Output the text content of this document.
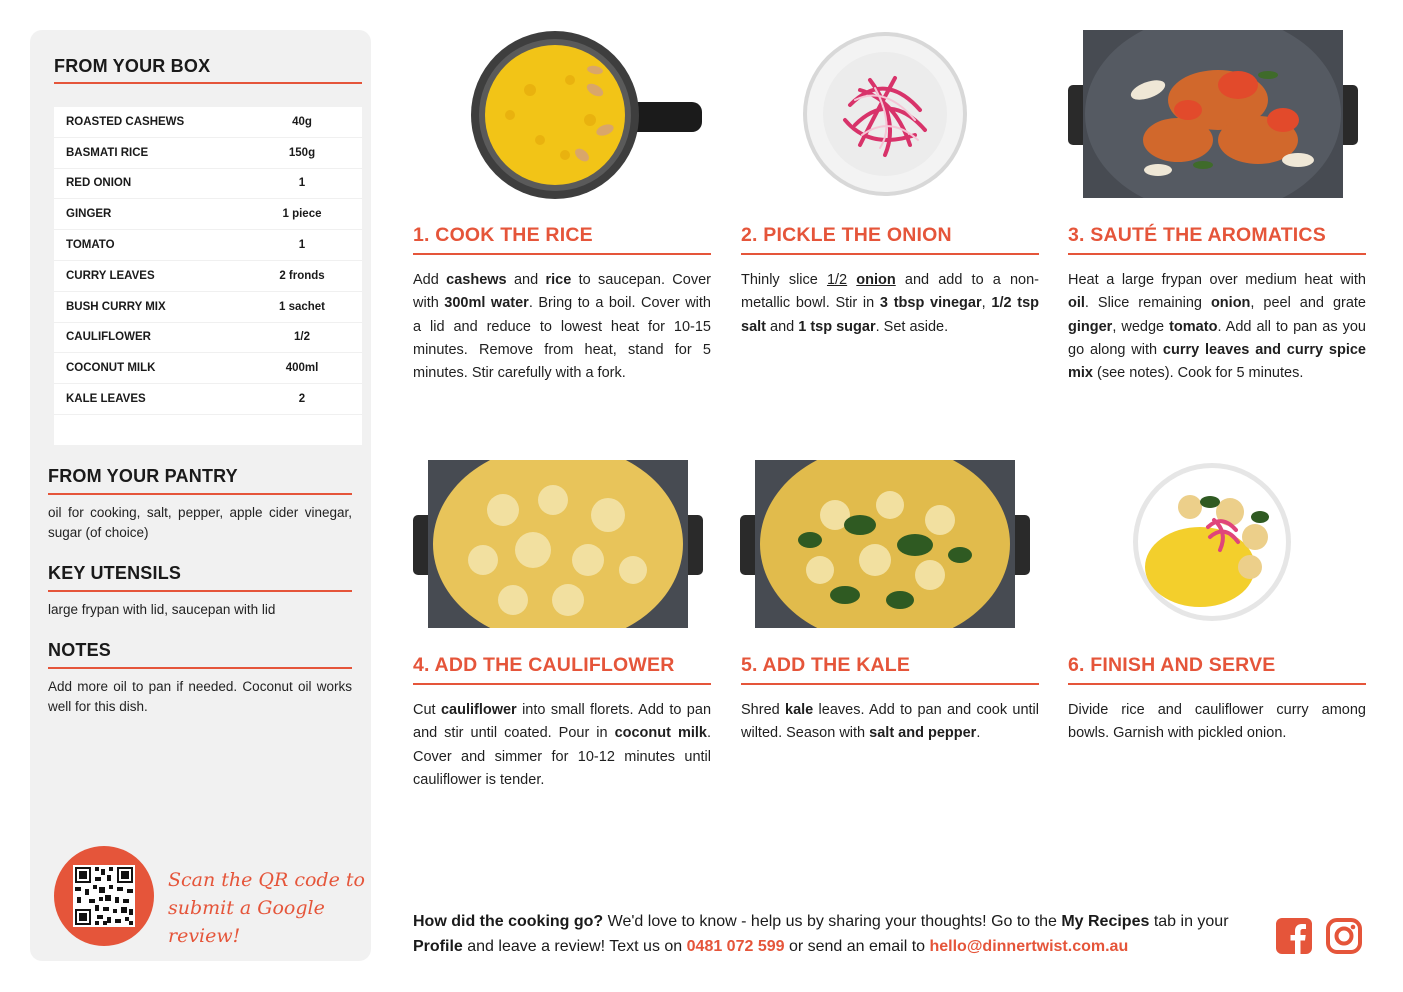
FROM YOUR BOX
ROASTED CASHEWS	40g
BASMATI RICE	150g
RED ONION	1
GINGER	1 piece
TOMATO	1
CURRY LEAVES	2 fronds
BUSH CURRY MIX	1 sachet
CAULIFLOWER	1/2
COCONUT MILK	400ml
KALE LEAVES	2
FROM YOUR PANTRY
oil for cooking, salt, pepper, apple cider vinegar, sugar (of choice)
KEY UTENSILS
large frypan with lid, saucepan with lid
NOTES
Add more oil to pan if needed. Coconut oil works well for this dish.
Scan the QR code to
submit a Google review!
1. COOK THE RICE
Add cashews and rice to saucepan. Cover with 300ml water. Bring to a boil. Cover with a lid and reduce to lowest heat for 10-15 minutes. Remove from heat, stand for 5 minutes. Stir carefully with a fork.
2. PICKLE THE ONION
Thinly slice 1/2 onion and add to a non-metallic bowl. Stir in 3 tbsp vinegar, 1/2 tsp salt and 1 tsp sugar. Set aside.
3. SAUTÉ THE AROMATICS
Heat a large frypan over medium heat with oil. Slice remaining onion, peel and grate ginger, wedge tomato. Add all to pan as you go along with curry leaves and curry spice mix (see notes). Cook for 5 minutes.
4. ADD THE CAULIFLOWER
Cut cauliflower into small florets. Add to pan and stir until coated. Pour in coconut milk. Cover and simmer for 10-12 minutes until cauliflower is tender.
5. ADD THE KALE
Shred kale leaves. Add to pan and cook until wilted. Season with salt and pepper.
6. FINISH AND SERVE
Divide rice and cauliflower curry among bowls. Garnish with pickled onion.
How did the cooking go? We'd love to know - help us by sharing your thoughts! Go to the My Recipes tab in your Profile and leave a review! Text us on 0481 072 599 or send an email to hello@dinnertwist.com.au
